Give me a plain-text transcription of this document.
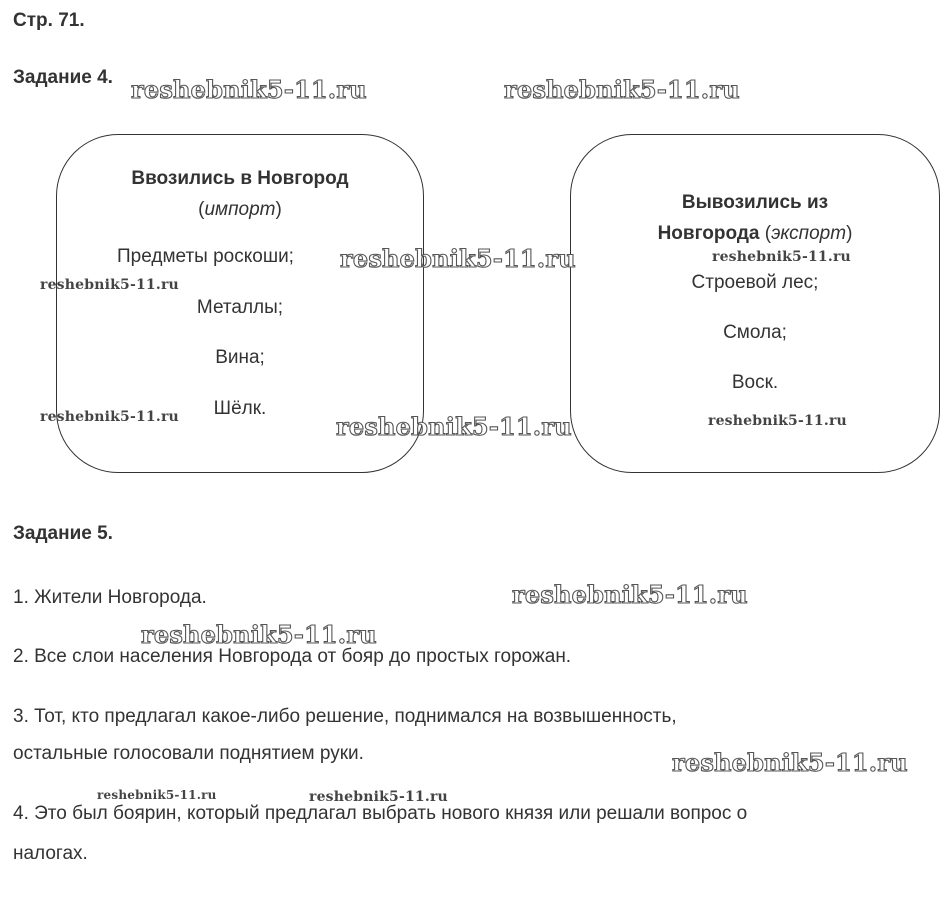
Стр. 71.
Задание 4.
Ввозились в Новгород
(импорт)
Предметы роскоши;
Металлы;
Вина;
Шёлк.
Вывозились из
Новгорода (экспорт)
Строевой лес;
Смола;
Воск.
Задание 5.
1. Жители Новгорода.
2. Все слои населения Новгорода от бояр до простых горожан.
3. Тот, кто предлагал какое-либо решение, поднимался на возвышенность,
остальные голосовали поднятием руки.
4. Это был боярин, который предлагал выбрать нового князя или решали вопрос о
налогах.
reshebnik5-11.ru	reshebnik5-11.ru
reshebnik5-11.ru
reshebnik5-11.ru
reshebnik5-11.ru
reshebnik5-11.ru	reshebnik5-11.ru	reshebnik5-11.ru
reshebnik5-11.ru
reshebnik5-11.ru
reshebnik5-11.ru
reshebnik5-11.ru	reshebnik5-11.ru
